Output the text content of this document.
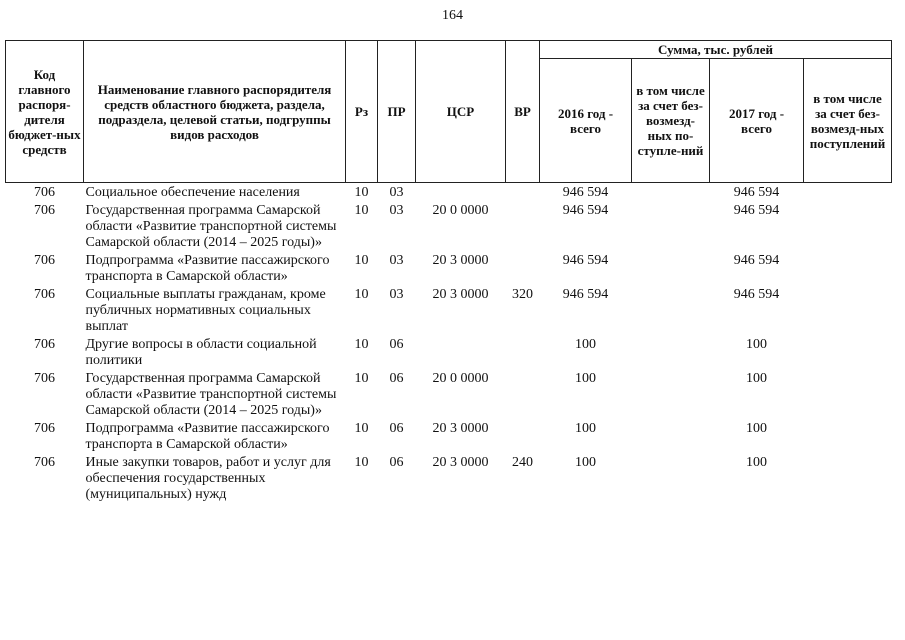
164
Код главного распоря-дителя бюджет-ных средств	Наименование главного распорядителя средств областного бюджета, раздела, подраздела, целевой статьи, подгруппы видов расходов	Рз	ПР	ЦСР	ВР	Сумма, тыс. рублей			
						2016 год - всего	в том числе за счет без-возмезд-ных по-ступле-ний	2017 год - всего	в том числе за счет без-возмезд-ных поступлений
706	Социальное обеспечение населения	10	03			946 594		946 594	
706	Государственная программа Самарской области «Развитие транспортной системы Самарской области (2014 – 2025 годы)»	10	03	20 0 0000		946 594		946 594	
706	Подпрограмма «Развитие пассажирского транспорта в Самарской области»	10	03	20 3 0000		946 594		946 594	
706	Социальные выплаты гражданам, кроме публичных нормативных социальных выплат	10	03	20 3 0000	320	946 594		946 594	
706	Другие вопросы в области социальной политики	10	06			100		100	
706	Государственная программа Самарской области «Развитие транспортной системы Самарской области (2014 – 2025 годы)»	10	06	20 0 0000		100		100	
706	Подпрограмма «Развитие пассажирского транспорта в Самарской области»	10	06	20 3 0000		100		100	
706	Иные закупки товаров, работ и услуг для обеспечения государственных (муниципальных) нужд	10	06	20 3 0000	240	100		100	
